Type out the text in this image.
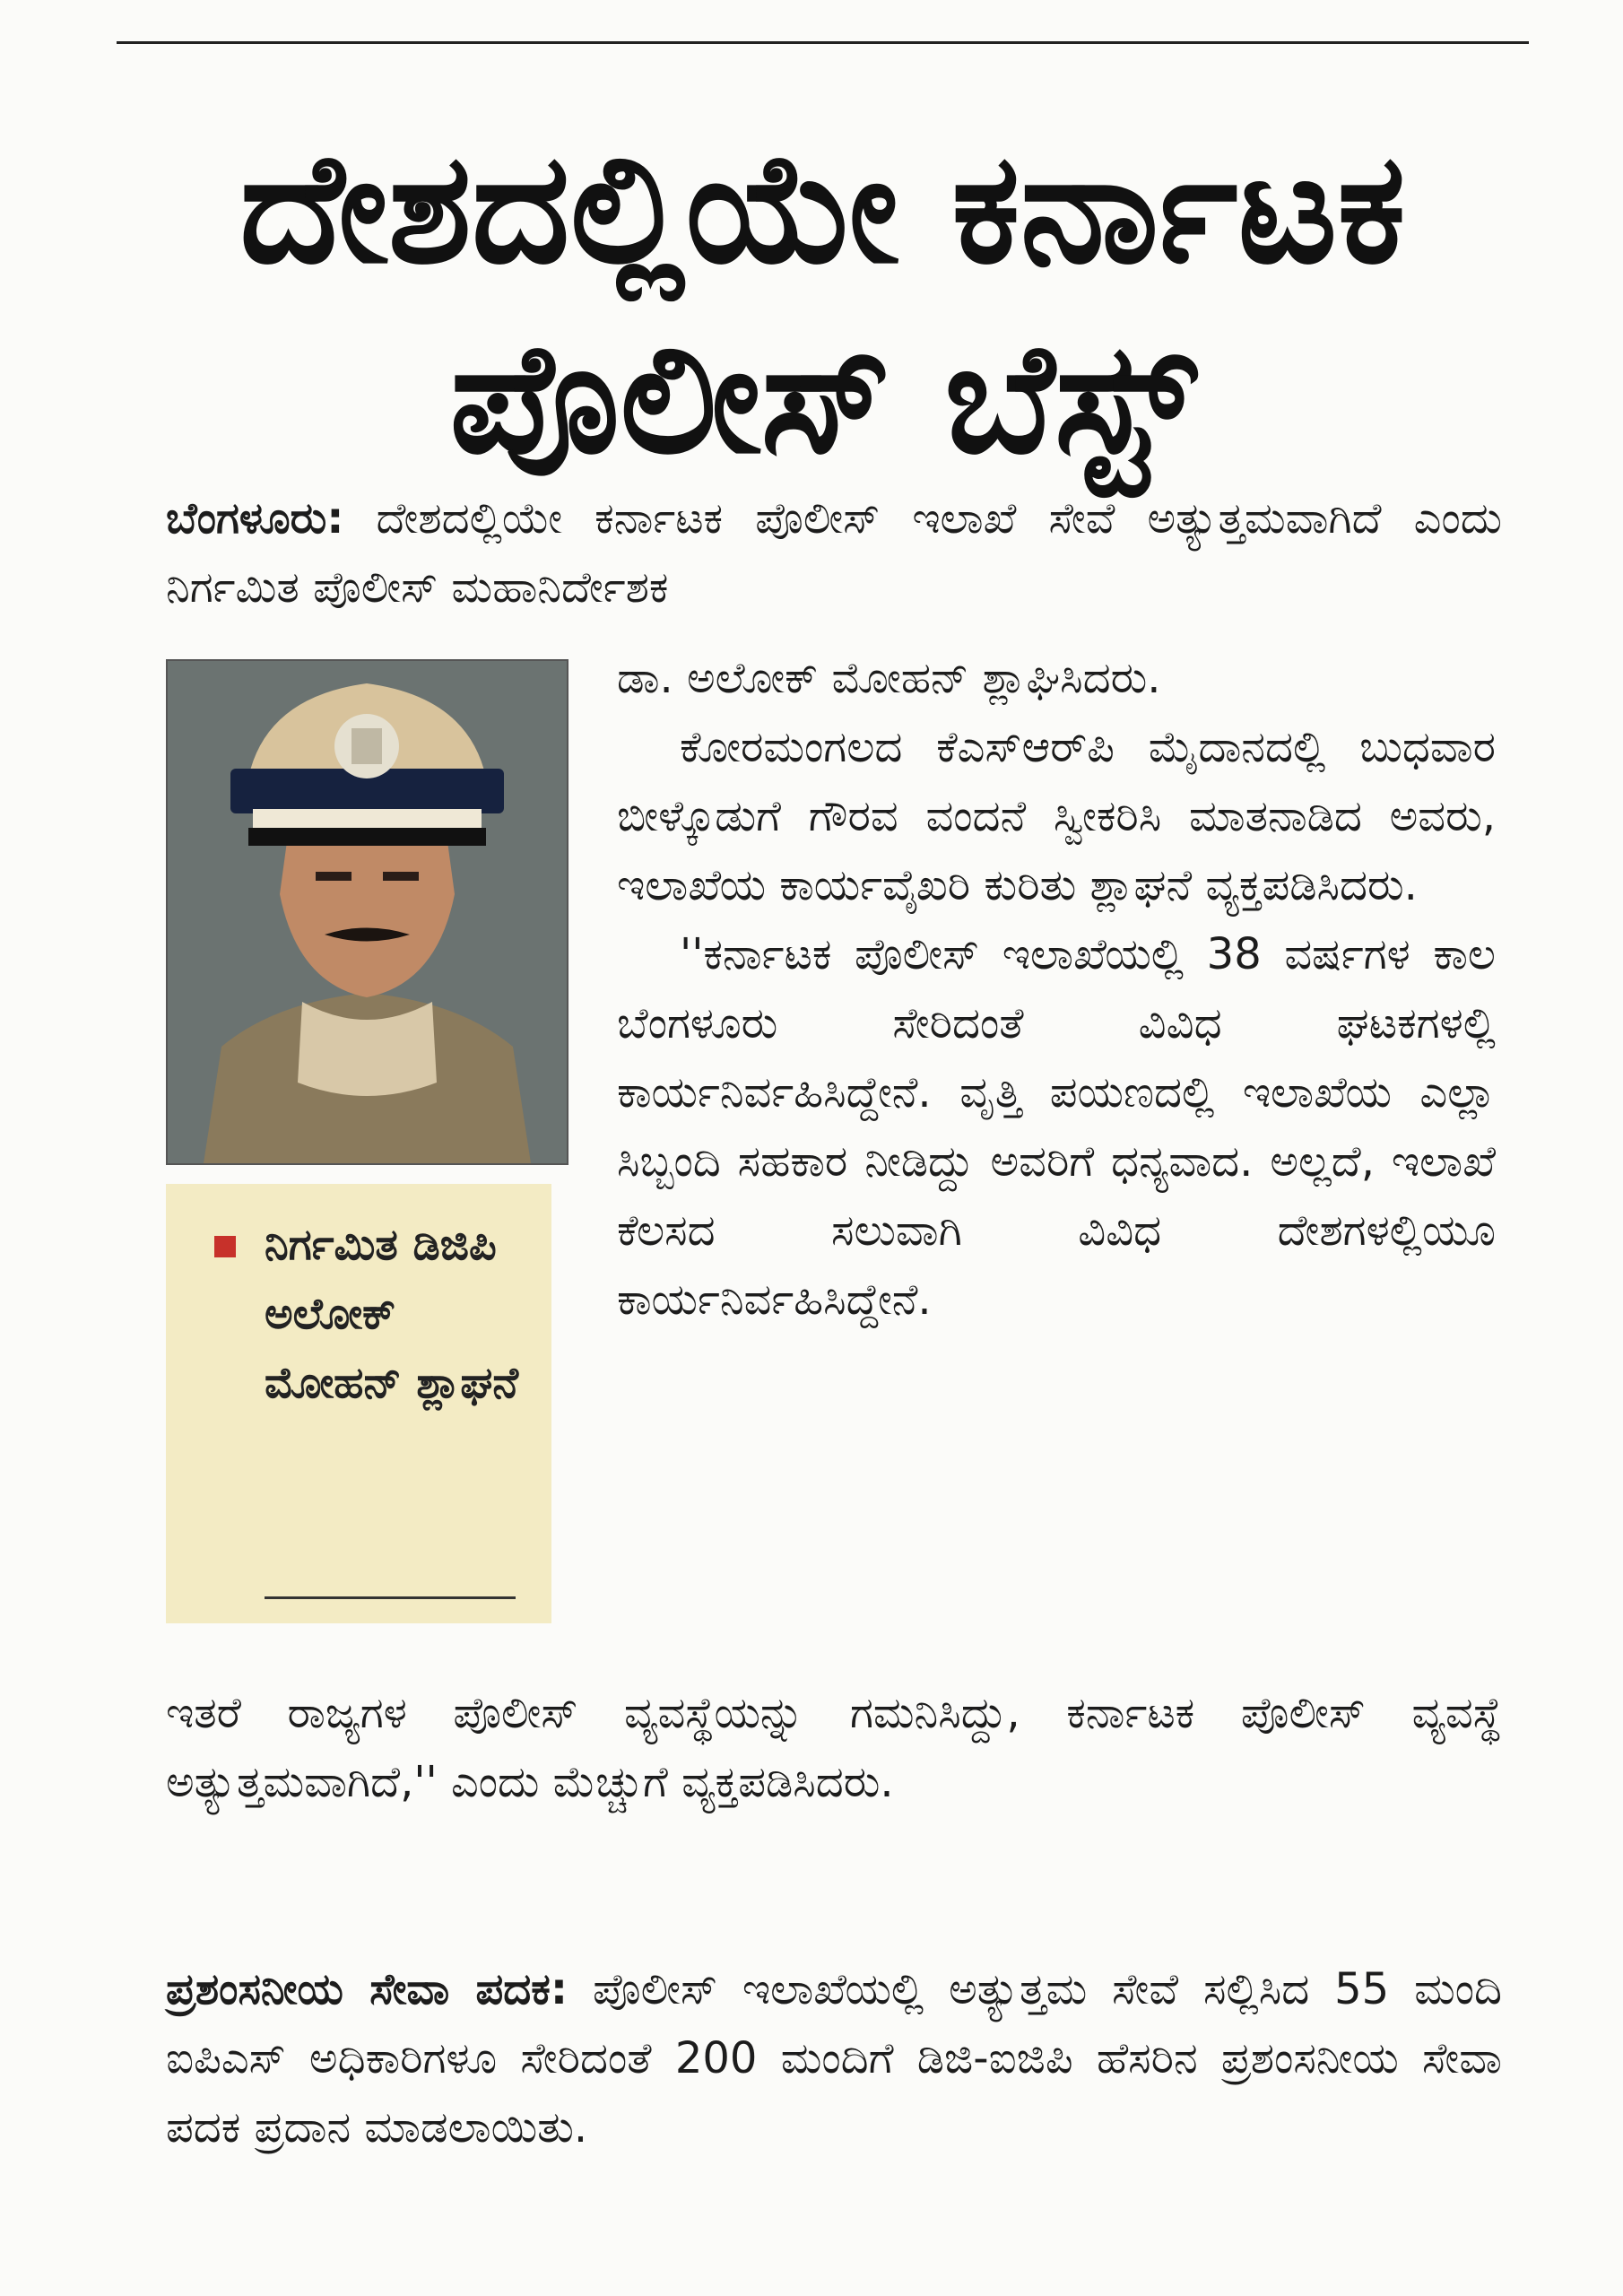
ದೇಶದಲ್ಲಿಯೇ ಕರ್ನಾಟಕ
ಪೊಲೀಸ್ ಬೆಸ್ಟ್

ಬೆಂಗಳೂರು: ದೇಶದಲ್ಲಿಯೇ ಕರ್ನಾಟಕ ಪೊಲೀಸ್ ಇಲಾಖೆ ಸೇವೆ ಅತ್ಯುತ್ತಮವಾಗಿದೆ ಎಂದು ನಿರ್ಗಮಿತ ಪೊಲೀಸ್ ಮಹಾನಿರ್ದೇಶಕ

ನಿರ್ಗಮಿತ ಡಿಜಿಪಿ ಅಲೋಕ್ ಮೋಹನ್ ಶ್ಲಾಘನೆ

ಡಾ. ಅಲೋಕ್ ಮೋಹನ್ ಶ್ಲಾಘಿಸಿದರು.

ಕೋರಮಂಗಲದ ಕೆಎಸ್ಆರ್‌ಪಿ ಮೈದಾನದಲ್ಲಿ ಬುಧವಾರ ಬೀಳ್ಕೊಡುಗೆ ಗೌರವ ವಂದನೆ ಸ್ವೀಕರಿಸಿ ಮಾತನಾಡಿದ ಅವರು, ಇಲಾಖೆಯ ಕಾರ್ಯವೈಖರಿ ಕುರಿತು ಶ್ಲಾಘನೆ ವ್ಯಕ್ತಪಡಿಸಿದರು.

''ಕರ್ನಾಟಕ ಪೊಲೀಸ್ ಇಲಾಖೆಯಲ್ಲಿ 38 ವರ್ಷಗಳ ಕಾಲ ಬೆಂಗಳೂರು ಸೇರಿದಂತೆ ವಿವಿಧ ಘಟಕಗಳಲ್ಲಿ ಕಾರ್ಯನಿರ್ವಹಿಸಿದ್ದೇನೆ. ವೃತ್ತಿ ಪಯಣದಲ್ಲಿ ಇಲಾಖೆಯ ಎಲ್ಲಾ ಸಿಬ್ಬಂದಿ ಸಹಕಾರ ನೀಡಿದ್ದು ಅವರಿಗೆ ಧನ್ಯವಾದ. ಅಲ್ಲದೆ, ಇಲಾಖೆ ಕೆಲಸದ ಸಲುವಾಗಿ ವಿವಿಧ ದೇಶಗಳಲ್ಲಿಯೂ ಕಾರ್ಯನಿರ್ವಹಿಸಿದ್ದೇನೆ.

ಇತರೆ ರಾಜ್ಯಗಳ ಪೊಲೀಸ್ ವ್ಯವಸ್ಥೆಯನ್ನು ಗಮನಿಸಿದ್ದು, ಕರ್ನಾಟಕ ಪೊಲೀಸ್ ವ್ಯವಸ್ಥೆ ಅತ್ಯುತ್ತಮವಾಗಿದೆ,'' ಎಂದು ಮೆಚ್ಚುಗೆ ವ್ಯಕ್ತಪಡಿಸಿದರು.

ಪ್ರಶಂಸನೀಯ ಸೇವಾ ಪದಕ: ಪೊಲೀಸ್ ಇಲಾಖೆಯಲ್ಲಿ ಅತ್ಯುತ್ತಮ ಸೇವೆ ಸಲ್ಲಿಸಿದ 55 ಮಂದಿ ಐಪಿಎಸ್ ಅಧಿಕಾರಿಗಳೂ ಸೇರಿದಂತೆ 200 ಮಂದಿಗೆ ಡಿಜಿ-ಐಜಿಪಿ ಹೆಸರಿನ ಪ್ರಶಂಸನೀಯ ಸೇವಾ ಪದಕ ಪ್ರದಾನ ಮಾಡಲಾಯಿತು.
